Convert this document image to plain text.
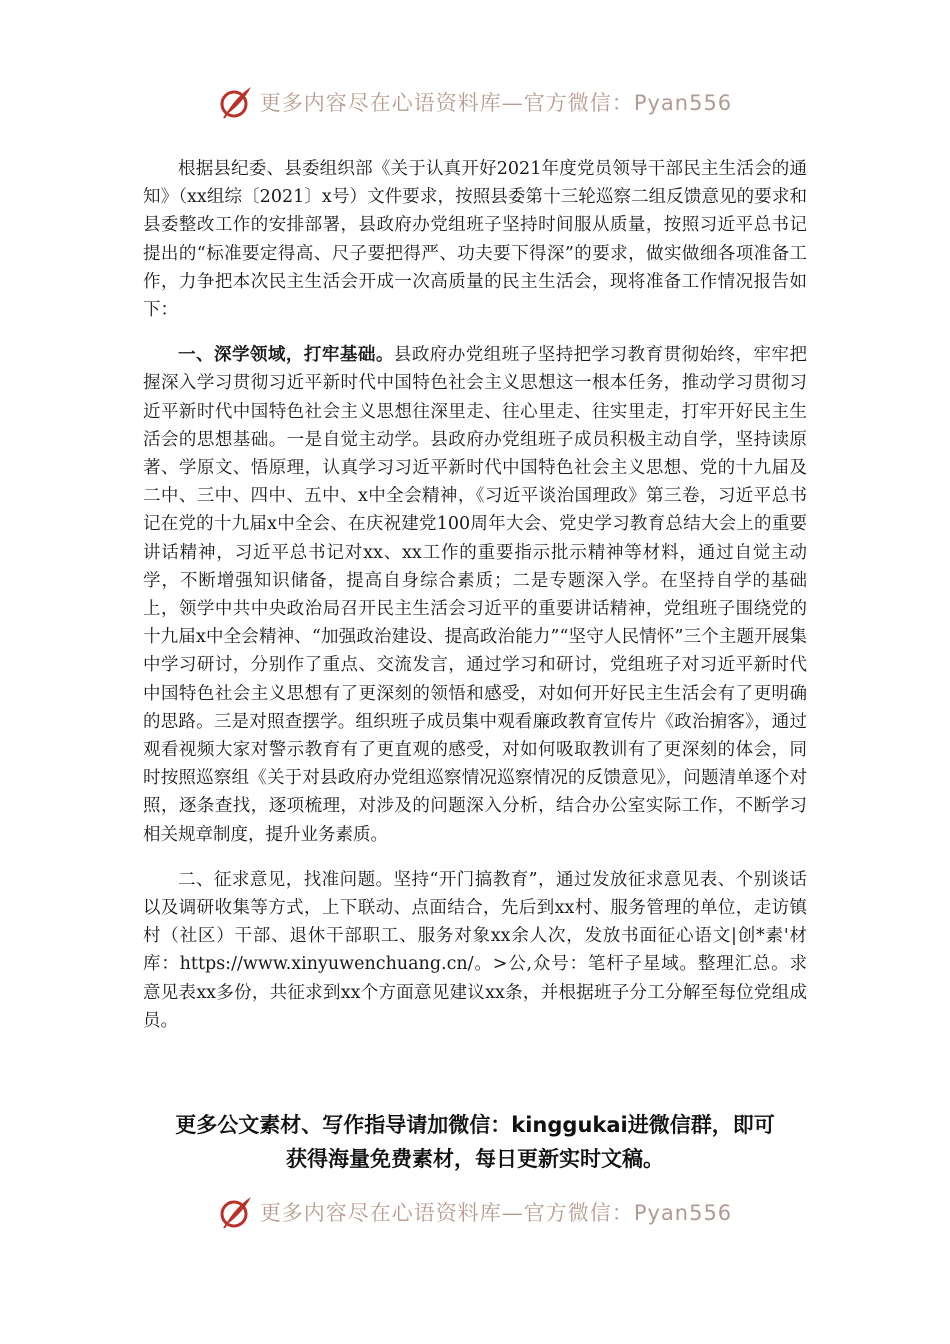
更多内容尽在心语资料库—官方微信：Pyan556

根据县纪委、县委组织部《关于认真开好2021年度党员领导干部民主生活会的通知》（xx组综〔2021〕x号）文件要求，按照县委第十三轮巡察二组反馈意见的要求和县委整改工作的安排部署，县政府办党组班子坚持时间服从质量，按照习近平总书记提出的“标准要定得高、尺子要把得严、功夫要下得深”的要求，做实做细各项准备工作，力争把本次民主生活会开成一次高质量的民主生活会，现将准备工作情况报告如下：

一、深学领域，打牢基础。县政府办党组班子坚持把学习教育贯彻始终，牢牢把握深入学习贯彻习近平新时代中国特色社会主义思想这一根本任务，推动学习贯彻习近平新时代中国特色社会主义思想往深里走、往心里走、往实里走，打牢开好民主生活会的思想基础。一是自觉主动学。县政府办党组班子成员积极主动自学，坚持读原著、学原文、悟原理，认真学习习近平新时代中国特色社会主义思想、党的十九届及二中、三中、四中、五中、x中全会精神，《习近平谈治国理政》第三卷，习近平总书记在党的十九届x中全会、在庆祝建党100周年大会、党史学习教育总结大会上的重要讲话精神，习近平总书记对xx、xx工作的重要指示批示精神等材料，通过自觉主动学，不断增强知识储备，提高自身综合素质；二是专题深入学。在坚持自学的基础上，领学中共中央政治局召开民主生活会习近平的重要讲话精神，党组班子围绕党的十九届x中全会精神、“加强政治建设、提高政治能力”“坚守人民情怀”三个主题开展集中学习研讨，分别作了重点、交流发言，通过学习和研讨，党组班子对习近平新时代中国特色社会主义思想有了更深刻的领悟和感受，对如何开好民主生活会有了更明确的思路。三是对照查摆学。组织班子成员集中观看廉政教育宣传片《政治掮客》，通过观看视频大家对警示教育有了更直观的感受，对如何吸取教训有了更深刻的体会，同时按照巡察组《关于对县政府办党组巡察情况巡察情况的反馈意见》，问题清单逐个对照，逐条查找，逐项梳理，对涉及的问题深入分析，结合办公室实际工作，不断学习相关规章制度，提升业务素质。

二、征求意见，找准问题。坚持“开门搞教育”，通过发放征求意见表、个别谈话以及调研收集等方式，上下联动、点面结合，先后到xx村、服务管理的单位，走访镇村（社区）干部、退休干部职工、服务对象xx余人次，发放书面征心语文|创*素'材库：https://www.xinyuwenchuang.cn/。>公,众号：笔杆子星域。整理汇总。求意见表xx多份，共征求到xx个方面意见建议xx条，并根据班子分工分解至每位党组成员。

更多公文素材、写作指导请加微信：kinggukai进微信群，即可
获得海量免费素材，每日更新实时文稿。
更多内容尽在心语资料库—官方微信：Pyan556
